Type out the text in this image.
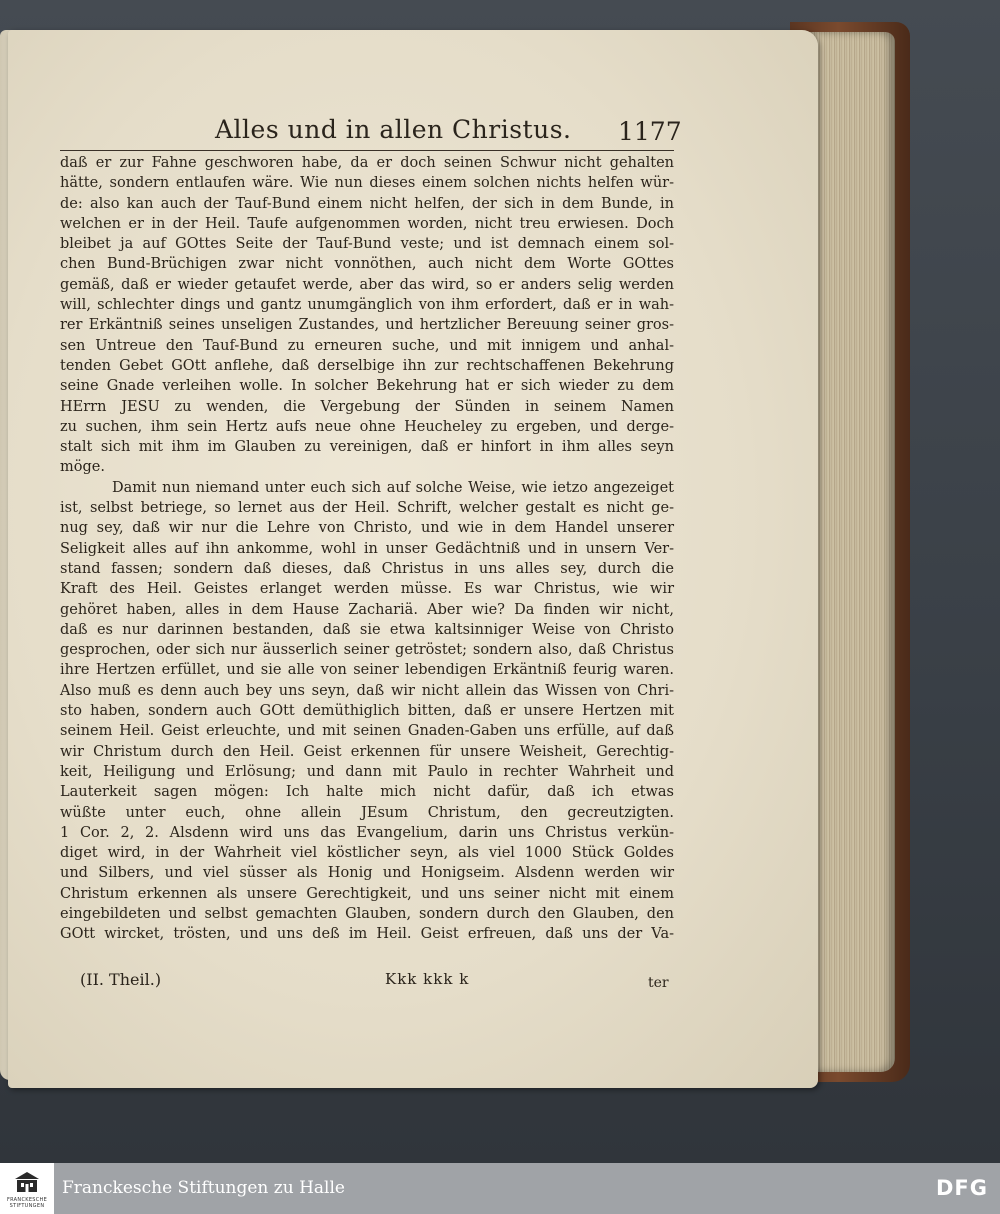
Alles und in allen Christus. 1177
daß er zur Fahne geschworen habe, da er doch seinen Schwur nicht gehalten
hätte, sondern entlaufen wäre. Wie nun dieses einem solchen nichts helfen wür-
de: also kan auch der Tauf-Bund einem nicht helfen, der sich in dem Bunde, in
welchen er in der Heil. Taufe aufgenommen worden, nicht treu erwiesen. Doch
bleibet ja auf GOttes Seite der Tauf-Bund veste; und ist demnach einem sol-
chen Bund-Brüchigen zwar nicht vonnöthen, auch nicht dem Worte GOttes
gemäß, daß er wieder getaufet werde, aber das wird, so er anders selig werden
will, schlechter dings und gantz unumgänglich von ihm erfordert, daß er in wah-
rer Erkäntniß seines unseligen Zustandes, und hertzlicher Bereuung seiner gros-
sen Untreue den Tauf-Bund zu erneuren suche, und mit innigem und anhal-
tenden Gebet GOtt anflehe, daß derselbige ihn zur rechtschaffenen Bekehrung
seine Gnade verleihen wolle. In solcher Bekehrung hat er sich wieder zu dem
HErrn JESU zu wenden, die Vergebung der Sünden in seinem Namen
zu suchen, ihm sein Hertz aufs neue ohne Heucheley zu ergeben, und derge-
stalt sich mit ihm im Glauben zu vereinigen, daß er hinfort in ihm alles seyn
möge.
Damit nun niemand unter euch sich auf solche Weise, wie ietzo angezeiget
ist, selbst betriege, so lernet aus der Heil. Schrift, welcher gestalt es nicht ge-
nug sey, daß wir nur die Lehre von Christo, und wie in dem Handel unserer
Seligkeit alles auf ihn ankomme, wohl in unser Gedächtniß und in unsern Ver-
stand fassen; sondern daß dieses, daß Christus in uns alles sey, durch die
Kraft des Heil. Geistes erlanget werden müsse. Es war Christus, wie wir
gehöret haben, alles in dem Hause Zachariä. Aber wie? Da finden wir nicht,
daß es nur darinnen bestanden, daß sie etwa kaltsinniger Weise von Christo
gesprochen, oder sich nur äusserlich seiner getröstet; sondern also, daß Christus
ihre Hertzen erfüllet, und sie alle von seiner lebendigen Erkäntniß feurig waren.
Also muß es denn auch bey uns seyn, daß wir nicht allein das Wissen von Chri-
sto haben, sondern auch GOtt demüthiglich bitten, daß er unsere Hertzen mit
seinem Heil. Geist erleuchte, und mit seinen Gnaden-Gaben uns erfülle, auf daß
wir Christum durch den Heil. Geist erkennen für unsere Weisheit, Gerechtig-
keit, Heiligung und Erlösung; und dann mit Paulo in rechter Wahrheit und
Lauterkeit sagen mögen: Ich halte mich nicht dafür, daß ich etwas
wüßte unter euch, ohne allein JEsum Christum, den gecreutzigten.
1 Cor. 2, 2. Alsdenn wird uns das Evangelium, darin uns Christus verkün-
diget wird, in der Wahrheit viel köstlicher seyn, als viel 1000 Stück Goldes
und Silbers, und viel süsser als Honig und Honigseim. Alsdenn werden wir
Christum erkennen als unsere Gerechtigkeit, und uns seiner nicht mit einem
eingebildeten und selbst gemachten Glauben, sondern durch den Glauben, den
GOtt wircket, trösten, und uns deß im Heil. Geist erfreuen, daß uns der Va-
(II. Theil.)	Kkk kkk k	ter
FRANCKESCHE STIFTUNGEN
Franckesche Stiftungen zu Halle	DFG
